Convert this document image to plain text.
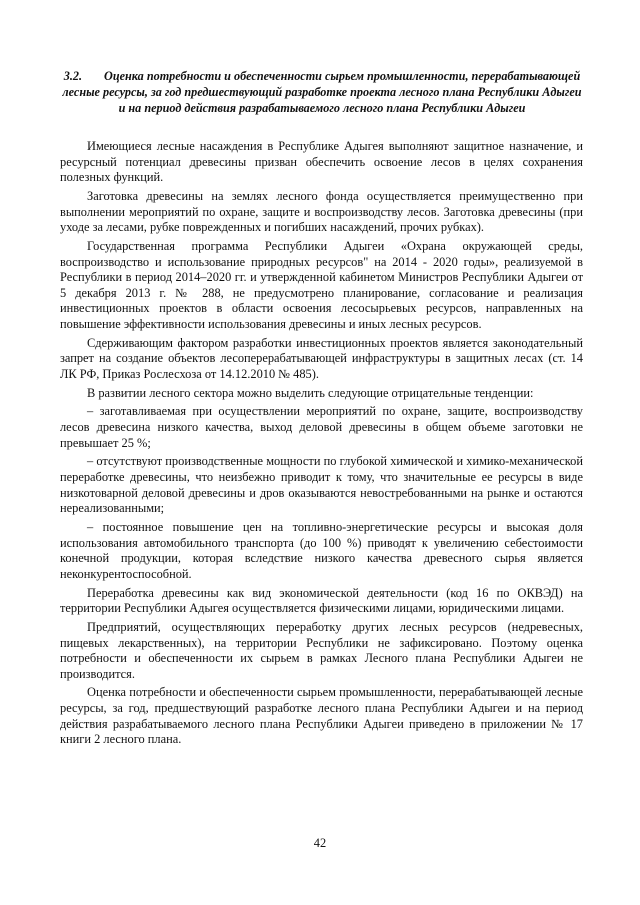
3.2. Оценка потребности и обеспеченности сырьем промышленности, перерабатывающей лесные ресурсы, за год предшествующий разработке проекта лесного плана Республики Адыгеи и на период действия разрабатываемого лесного плана Республики Адыгеи

Имеющиеся лесные насаждения в Республике Адыгея выполняют защитное назначение, и ресурсный потенциал древесины призван обеспечить освоение лесов в целях сохранения полезных функций.

Заготовка древесины на землях лесного фонда осуществляется преимущественно при выполнении мероприятий по охране, защите и воспроизводству лесов. Заготовка древесины (при уходе за лесами, рубке поврежденных и погибших насаждений, прочих рубках).

Государственная программа Республики Адыгеи «Охрана окружающей среды, воспроизводство и использование природных ресурсов" на 2014 - 2020 годы», реализуемой в Республики в период 2014–2020 гг. и утвержденной кабинетом Министров Республики Адыгеи от 5 декабря 2013 г. № 288, не предусмотрено планирование, согласование и реализация инвестиционных проектов в области освоения лесосырьевых ресурсов, направленных на повышение эффективности использования древесины и иных лесных ресурсов.

Сдерживающим фактором разработки инвестиционных проектов является законодательный запрет на создание объектов лесоперерабатывающей инфраструктуры в защитных лесах (ст. 14 ЛК РФ, Приказ Рослесхоза от 14.12.2010 № 485).

В развитии лесного сектора можно выделить следующие отрицательные тенденции:

– заготавливаемая при осуществлении мероприятий по охране, защите, воспроизводству лесов древесина низкого качества, выход деловой древесины в общем объеме заготовки не превышает 25 %;

– отсутствуют производственные мощности по глубокой химической и химико-механической переработке древесины, что неизбежно приводит к тому, что значительные ее ресурсы в виде низкотоварной деловой древесины и дров оказываются невостребованными на рынке и остаются нереализованными;

– постоянное повышение цен на топливно-энергетические ресурсы и высокая доля использования автомобильного транспорта (до 100 %) приводят к увеличению себестоимости конечной продукции, которая вследствие низкого качества древесного сырья является неконкурентоспособной.

Переработка древесины как вид экономической деятельности (код 16 по ОКВЭД) на территории Республики Адыгея осуществляется физическими лицами, юридическими лицами.

Предприятий, осуществляющих переработку других лесных ресурсов (недревесных, пищевых лекарственных), на территории Республики не зафиксировано. Поэтому оценка потребности и обеспеченности их сырьем в рамках Лесного плана Республики Адыгеи не производится.

Оценка потребности и обеспеченности сырьем промышленности, перерабатывающей лесные ресурсы, за год, предшествующий разработке лесного плана Республики Адыгеи и на период действия разрабатываемого лесного плана Республики Адыгеи приведено в приложении № 17 книги 2 лесного плана.

42
